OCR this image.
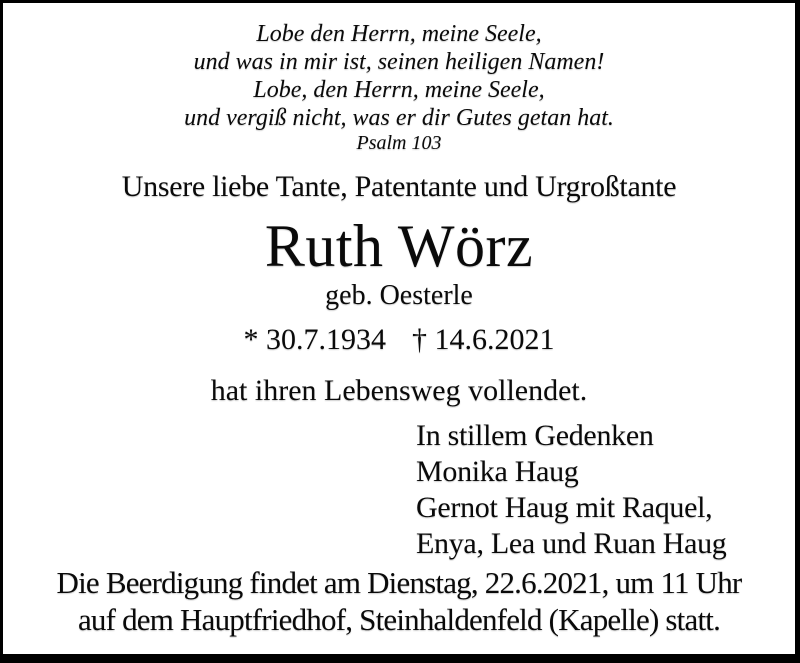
Lobe den Herrn, meine Seele,
und was in mir ist, seinen heiligen Namen!
Lobe, den Herrn, meine Seele,
und vergiß nicht, was er dir Gutes getan hat.
Psalm 103
Unsere liebe Tante, Patentante und Urgroßtante
Ruth Wörz
geb. Oesterle
* 30.7.1934 † 14.6.2021
hat ihren Lebensweg vollendet.
In stillem Gedenken
Monika Haug
Gernot Haug mit Raquel,
Enya, Lea und Ruan Haug
Die Beerdigung findet am Dienstag, 22.6.2021, um 11 Uhr
auf dem Hauptfriedhof, Steinhaldenfeld (Kapelle) statt.
